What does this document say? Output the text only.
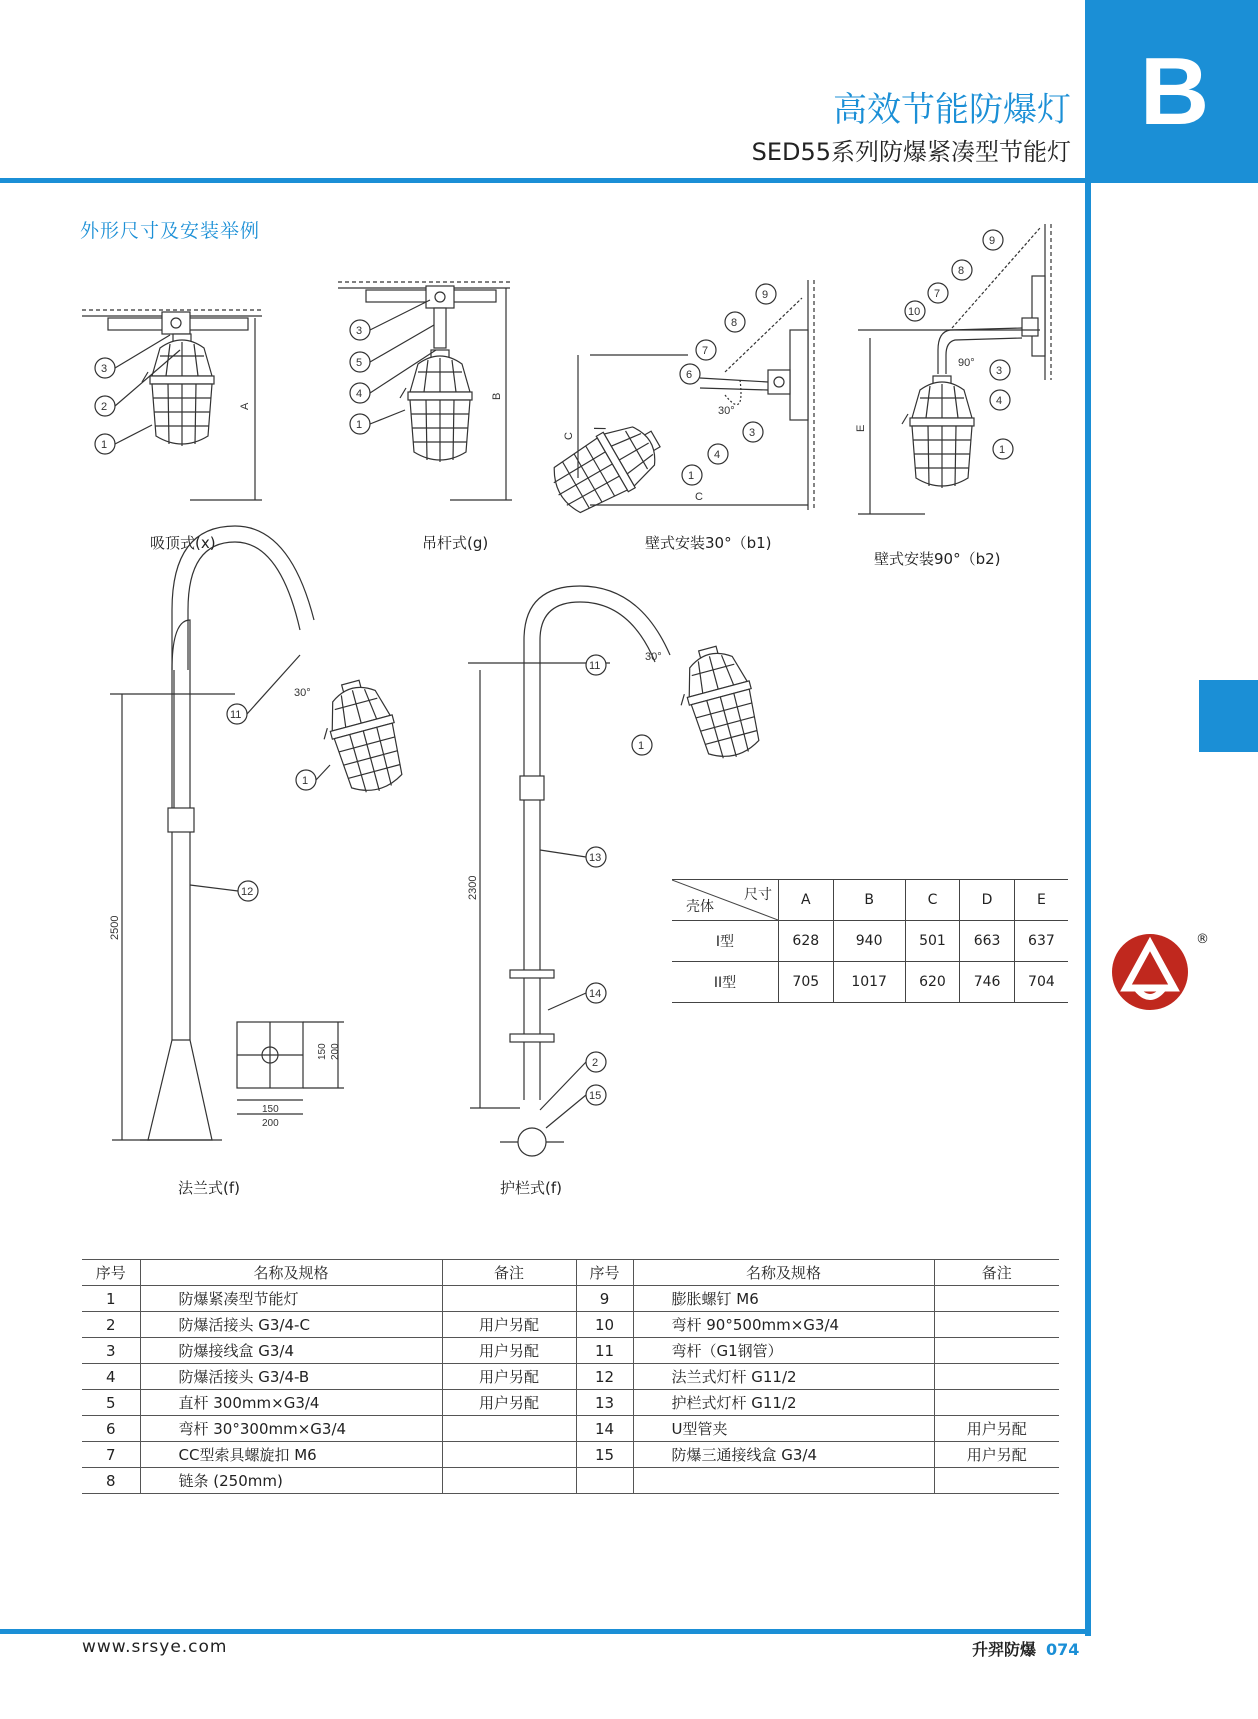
B
高效节能防爆灯
SED55系列防爆紧凑型节能灯
外形尺寸及安装举例
A
3
2
1
B
3
5
4
1
C
C
30°
9
8
7
6
4
3
1
E
90°
9
8
7
10
3
4
1
2500
30°
11
1
12
200
150
150
200
2300
30°
11
1
13
14
2
15
吸顶式(x)	吊杆式(g)	壁式安装30°（b1)
壁式安装90°（b2)
法兰式(f)	护栏式(f)
尺寸
壳体	A	B	C	D	E
I型	628	940	501	663	637
II型	705	1017	620	746	704
®
序号	名称及规格	备注	序号	名称及规格	备注
1	防爆紧凑型节能灯		9	膨胀螺钉 M6	
2	防爆活接头 G3/4-C	用户另配	10	弯杆 90°500mm×G3/4	
3	防爆接线盒 G3/4	用户另配	11	弯杆（G1钢管）	
4	防爆活接头 G3/4-B	用户另配	12	法兰式灯杆 G11/2	
5	直杆 300mm×G3/4	用户另配	13	护栏式灯杆 G11/2	
6	弯杆 30°300mm×G3/4		14	U型管夹	用户另配
7	CC型索具螺旋扣 M6		15	防爆三通接线盒 G3/4	用户另配
8	链条 (250mm)				
www.srsye.com	升羿防爆 074
